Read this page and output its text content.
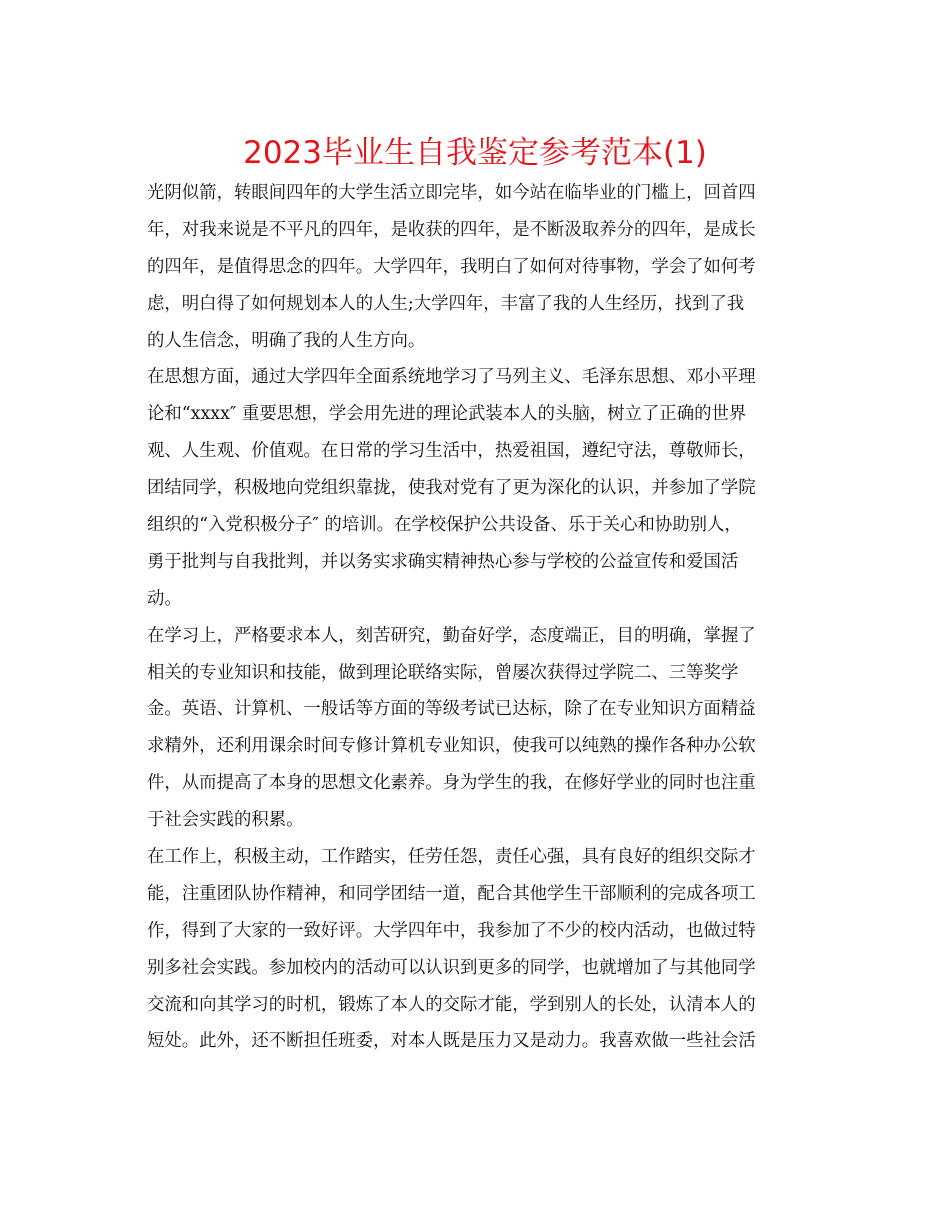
2023毕业生自我鉴定参考范本(1)
光阴似箭，转眼间四年的大学生活立即完毕，如今站在临毕业的门槛上，回首四
年，对我来说是不平凡的四年，是收获的四年，是不断汲取养分的四年，是成长
的四年，是值得思念的四年。大学四年，我明白了如何对待事物，学会了如何考
虑，明白得了如何规划本人的人生;大学四年，丰富了我的人生经历，找到了我
的人生信念，明确了我的人生方向。
在思想方面，通过大学四年全面系统地学习了马列主义、毛泽东思想、邓小平理
论和“xxxx″ 重要思想，学会用先进的理论武装本人的头脑，树立了正确的世界
观、人生观、价值观。在日常的学习生活中，热爱祖国，遵纪守法，尊敬师长，
团结同学，积极地向党组织靠拢，使我对党有了更为深化的认识，并参加了学院
组织的“入党积极分子″ 的培训。在学校保护公共设备、乐于关心和协助别人，
勇于批判与自我批判，并以务实求确实精神热心参与学校的公益宣传和爱国活
动。
在学习上，严格要求本人，刻苦研究，勤奋好学，态度端正，目的明确，掌握了
相关的专业知识和技能，做到理论联络实际，曾屡次获得过学院二、三等奖学
金。英语、计算机、一般话等方面的等级考试已达标，除了在专业知识方面精益
求精外，还利用课余时间专修计算机专业知识，使我可以纯熟的操作各种办公软
件，从而提高了本身的思想文化素养。身为学生的我，在修好学业的同时也注重
于社会实践的积累。
在工作上，积极主动，工作踏实，任劳任怨，责任心强，具有良好的组织交际才
能，注重团队协作精神，和同学团结一道，配合其他学生干部顺利的完成各项工
作，得到了大家的一致好评。大学四年中，我参加了不少的校内活动，也做过特
别多社会实践。参加校内的活动可以认识到更多的同学，也就增加了与其他同学
交流和向其学习的时机，锻炼了本人的交际才能，学到别人的长处，认清本人的
短处。此外，还不断担任班委，对本人既是压力又是动力。我喜欢做一些社会活
